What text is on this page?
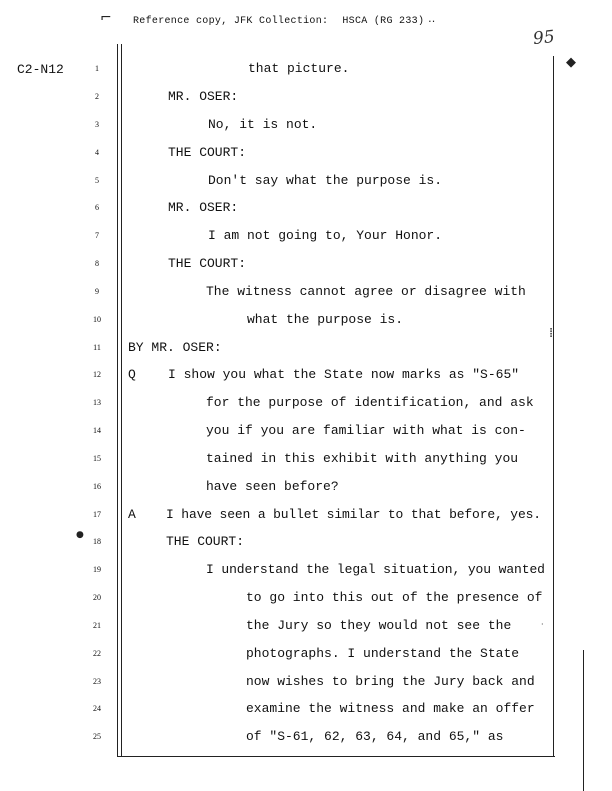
Reference copy, JFK Collection: HSCA (RG 233)
C2-N12
95
⌐	‥
◆
⁞
●
·
1
2
3
4
5
6
7
8
9
10
11
12
13
14
15
16
17
18
19
20
21
22
23
24
25
that picture.
MR. OSER:
No, it is not.
THE COURT:
Don't say what the purpose is.
MR. OSER:
I am not going to, Your Honor.
THE COURT:
The witness cannot agree or disagree with
what the purpose is.
BY MR. OSER:
Q I show you what the State now marks as "S-65"
for the purpose of identification, and ask
you if you are familiar with what is con-
tained in this exhibit with anything you
have seen before?
A I have seen a bullet similar to that before, yes.
THE COURT:
I understand the legal situation, you wanted
to go into this out of the presence of
the Jury so they would not see the
photographs. I understand the State
now wishes to bring the Jury back and
examine the witness and make an offer
of "S-61, 62, 63, 64, and 65," as
